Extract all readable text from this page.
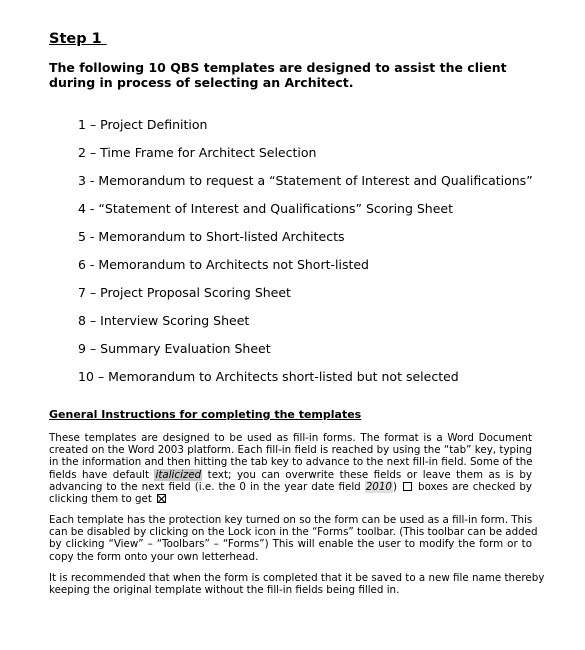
Step 1
The following 10 QBS templates are designed to assist the client during in process of selecting an Architect.
1 – Project Definition
2 – Time Frame for Architect Selection
3 - Memorandum to request a “Statement of Interest and Qualifications”
4 - “Statement of Interest and Qualifications” Scoring Sheet
5 - Memorandum to Short-listed Architects
6 - Memorandum to Architects not Short-listed
7 – Project Proposal Scoring Sheet
8 – Interview Scoring Sheet
9 – Summary Evaluation Sheet
10 – Memorandum to Architects short-listed but not selected
General Instructions for completing the templates
These templates are designed to be used as fill-in forms. The format is a Word Document
created on the Word 2003 platform. Each fill-in field is reached by using the “tab” key, typing
in the information and then hitting the tab key to advance to the next fill-in field. Some of the
fields have default italicized text; you can overwrite these fields or leave them as is by
advancing to the next field (i.e. the 0 in the year date field 2010)  boxes are checked by
clicking them to get
Each template has the protection key turned on so the form can be used as a fill-in form. This
can be disabled by clicking on the Lock icon in the “Forms” toolbar. (This toolbar can be added
by clicking “View” – “Toolbars” – “Forms”) This will enable the user to modify the form or to
copy the form onto your own letterhead.
It is recommended that when the form is completed that it be saved to a new file name thereby
keeping the original template without the fill-in fields being filled in.
